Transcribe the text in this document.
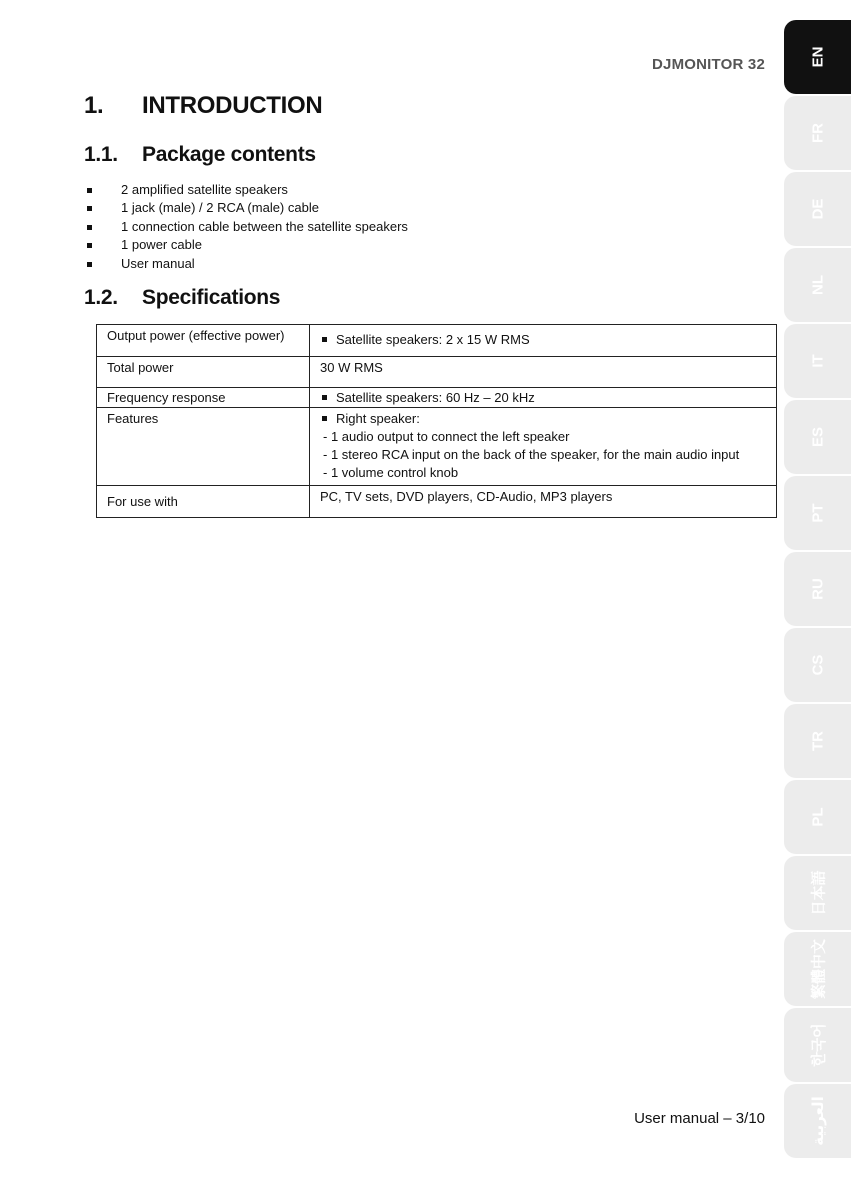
DJMONITOR 32
1. INTRODUCTION
1.1. Package contents
2 amplified satellite speakers
1 jack (male) / 2 RCA (male) cable
1 connection cable between the satellite speakers
1 power cable
User manual
1.2. Specifications
Output power (effective power)	Satellite speakers: 2 x 15 W RMS
Total power	30 W RMS
Frequency response	Satellite speakers: 60 Hz – 20 kHz
Features	Right speaker:
- 1 audio output to connect the left speaker
- 1 stereo RCA input on the back of the speaker, for the main audio input
- 1 volume control knob

For use with	PC, TV sets, DVD players, CD-Audio, MP3 players
User manual – 3/10
EN
FR
DE
NL
IT
ES
PT
RU
CS
TR
PL
日本語
繁體中文
한국어
العربية
